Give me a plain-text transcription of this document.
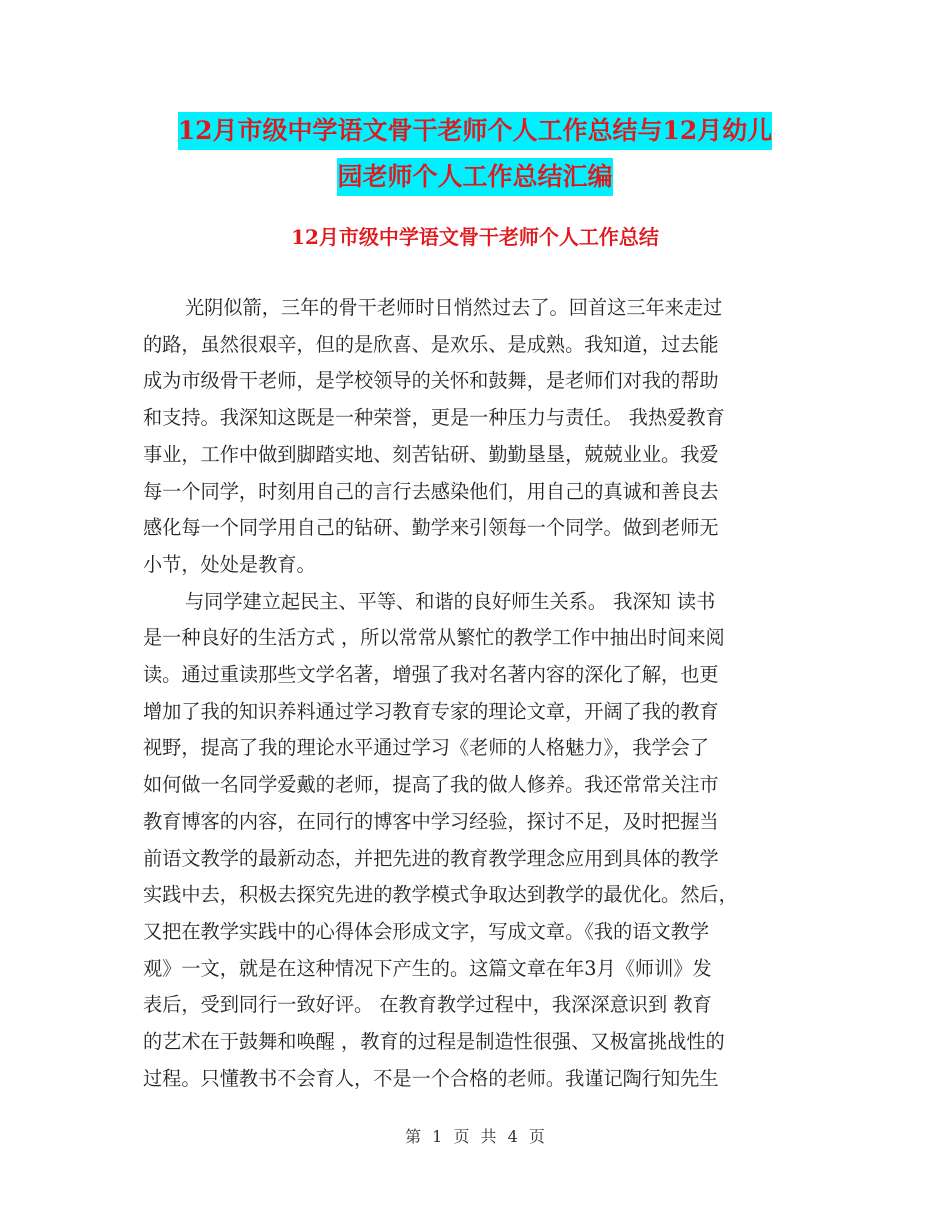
12月市级中学语文骨干老师个人工作总结与12月幼儿
园老师个人工作总结汇编
12月市级中学语文骨干老师个人工作总结
光阴似箭，三年的骨干老师时日悄然过去了。回首这三年来走过
的路，虽然很艰辛，但的是欣喜、是欢乐、是成熟。我知道，过去能
成为市级骨干老师，是学校领导的关怀和鼓舞，是老师们对我的帮助
和支持。我深知这既是一种荣誉，更是一种压力与责任。 我热爱教育
事业，工作中做到脚踏实地、刻苦钻研、勤勤垦垦，兢兢业业。我爱
每一个同学，时刻用自己的言行去感染他们，用自己的真诚和善良去
感化每一个同学用自己的钻研、勤学来引领每一个同学。做到老师无
小节，处处是教育。
与同学建立起民主、平等、和谐的良好师生关系。 我深知 读书
是一种良好的生活方式 ，所以常常从繁忙的教学工作中抽出时间来阅
读。通过重读那些文学名著，增强了我对名著内容的深化了解，也更
增加了我的知识养料通过学习教育专家的理论文章，开阔了我的教育
视野，提高了我的理论水平通过学习《老师的人格魅力》，我学会了
如何做一名同学爱戴的老师，提高了我的做人修养。我还常常关注市
教育博客的内容，在同行的博客中学习经验，探讨不足，及时把握当
前语文教学的最新动态，并把先进的教育教学理念应用到具体的教学
实践中去，积极去探究先进的教学模式争取达到教学的最优化。然后，
又把在教学实践中的心得体会形成文字，写成文章。《我的语文教学
观》一文，就是在这种情况下产生的。这篇文章在年3月《师训》发
表后，受到同行一致好评。 在教育教学过程中，我深深意识到 教育
的艺术在于鼓舞和唤醒 ，教育的过程是制造性很强、又极富挑战性的
过程。只懂教书不会育人，不是一个合格的老师。我谨记陶行知先生
第 1 页 共 4 页
